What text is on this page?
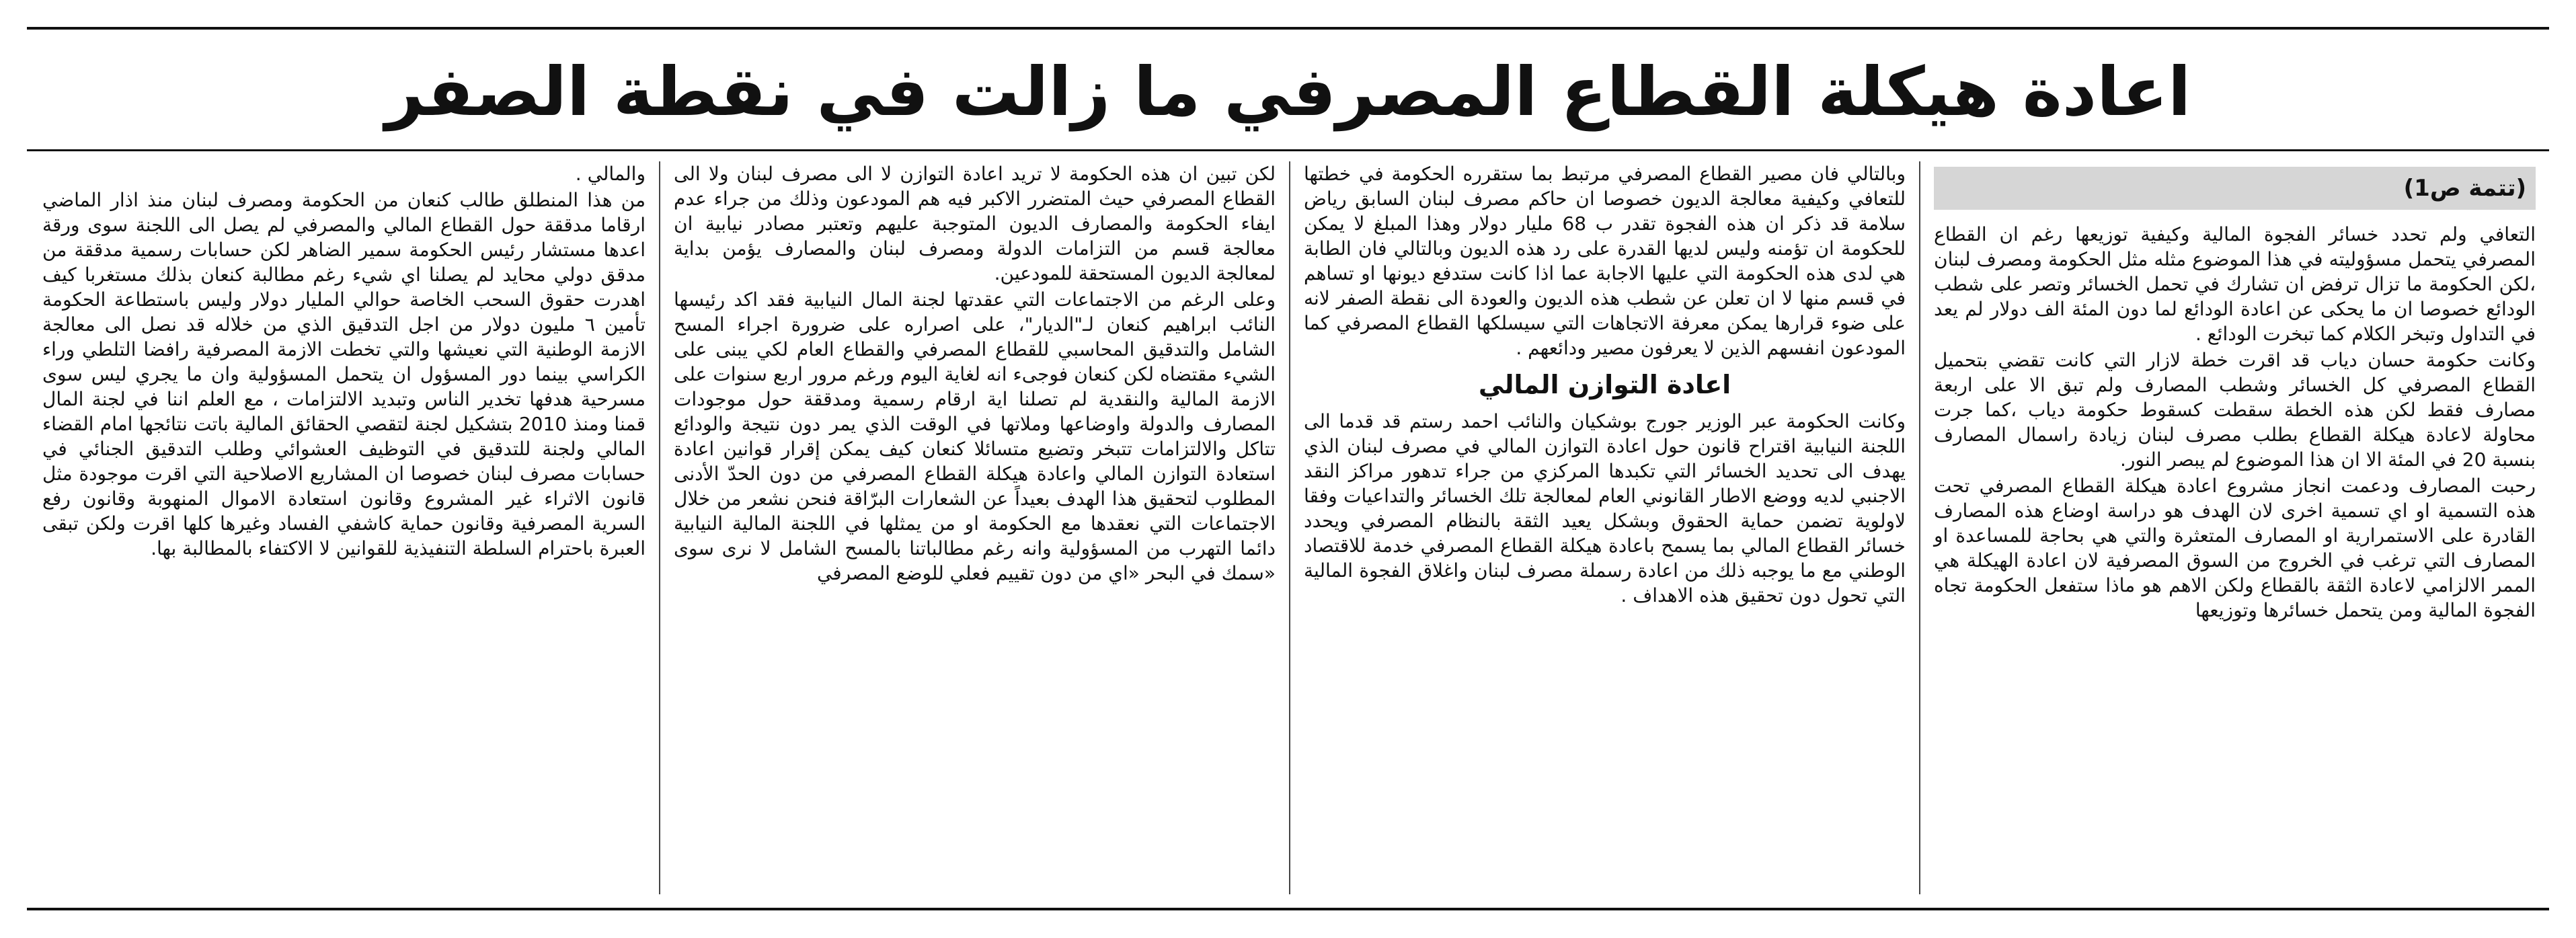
اعادة هيكلة القطاع المصرفي ما زالت في نقطة الصفر
(تتمة ص1)

التعافي ولم تحدد خسائر الفجوة المالية وكيفية توزيعها رغم ان القطاع المصرفي يتحمل مسؤوليته في هذا الموضوع مثله مثل الحكومة ومصرف لبنان ،لكن الحكومة ما تزال ترفض ان تشارك في تحمل الخسائر وتصر على شطب الودائع خصوصا ان ما يحكى عن اعادة الودائع لما دون المئة الف دولار لم يعد في التداول وتبخر الكلام كما تبخرت الودائع .

وكانت حكومة حسان دياب قد اقرت خطة لازار التي كانت تقضي بتحميل القطاع المصرفي كل الخسائر وشطب المصارف ولم تبق الا على اربعة مصارف فقط لكن هذه الخطة سقطت كسقوط حكومة دياب ،كما جرت محاولة لاعادة هيكلة القطاع بطلب مصرف لبنان زيادة راسمال المصارف بنسبة 20 في المئة الا ان هذا الموضوع لم يبصر النور.

رحبت المصارف ودعمت انجاز مشروع اعادة هيكلة القطاع المصرفي تحت هذه التسمية او اي تسمية اخرى لان الهدف هو دراسة اوضاع هذه المصارف القادرة على الاستمرارية او المصارف المتعثرة والتي هي بحاجة للمساعدة او المصارف التي ترغب في الخروج من السوق المصرفية لان اعادة الهيكلة هي الممر الالزامي لاعادة الثقة بالقطاع ولكن الاهم هو ماذا ستفعل الحكومة تجاه الفجوة المالية ومن يتحمل خسائرها وتوزيعها

وبالتالي فان مصير القطاع المصرفي مرتبط بما ستقرره الحكومة في خطتها للتعافي وكيفية معالجة الديون خصوصا ان حاكم مصرف لبنان السابق رياض سلامة قد ذكر ان هذه الفجوة تقدر ب 68 مليار دولار وهذا المبلغ لا يمكن للحكومة ان تؤمنه وليس لديها القدرة على رد هذه الديون وبالتالي فان الطابة هي لدى هذه الحكومة التي عليها الاجابة عما اذا كانت ستدفع ديونها او تساهم في قسم منها لا ان تعلن عن شطب هذه الديون والعودة الى نقطة الصفر لانه على ضوء قرارها يمكن معرفة الاتجاهات التي سيسلكها القطاع المصرفي كما المودعون انفسهم الذين لا يعرفون مصير ودائعهم .

اعادة التوازن المالي

وكانت الحكومة عبر الوزير جورج بوشكيان والنائب احمد رستم قد قدما الى اللجنة النيابية اقتراح قانون حول اعادة التوازن المالي في مصرف لبنان الذي يهدف الى تحديد الخسائر التي تكبدها المركزي من جراء تدهور مراكز النقد الاجنبي لديه ووضع الاطار القانوني العام لمعالجة تلك الخسائر والتداعيات وفقا لاولوية تضمن حماية الحقوق وبشكل يعيد الثقة بالنظام المصرفي ويحدد خسائر القطاع المالي بما يسمح باعادة هيكلة القطاع المصرفي خدمة للاقتصاد الوطني مع ما يوجبه ذلك من اعادة رسملة مصرف لبنان واغلاق الفجوة المالية التي تحول دون تحقيق هذه الاهداف .

لكن تبين ان هذه الحكومة لا تريد اعادة التوازن لا الى مصرف لبنان ولا الى القطاع المصرفي حيث المتضرر الاكبر فيه هم المودعون وذلك من جراء عدم ايفاء الحكومة والمصارف الديون المتوجبة عليهم وتعتبر مصادر نيابية ان معالجة قسم من التزامات الدولة ومصرف لبنان والمصارف يؤمن بداية لمعالجة الديون المستحقة للمودعين.

وعلى الرغم من الاجتماعات التي عقدتها لجنة المال النيابية فقد اكد رئيسها النائب ابراهيم كنعان لـ"الديار"، على اصراره على ضرورة اجراء المسح الشامل والتدقيق المحاسبي للقطاع المصرفي والقطاع العام لكي يبنى على الشيء مقتضاه لكن كنعان فوجىء انه لغاية اليوم ورغم مرور اربع سنوات على الازمة المالية والنقدية لم تصلنا اية ارقام رسمية ومدققة حول موجودات المصارف والدولة واوضاعها وملاتها في الوقت الذي يمر دون نتيجة والودائع تتاكل والالتزامات تتبخر وتضيع متسائلا كنعان كيف يمكن إقرار قوانين اعادة استعادة التوازن المالي واعادة هيكلة القطاع المصرفي من دون الحدّ الأدنى المطلوب لتحقيق هذا الهدف بعيداً عن الشعارات البرّاقة فنحن نشعر من خلال الاجتماعات التي نعقدها مع الحكومة او من يمثلها في اللجنة المالية النيابية دائما التهرب من المسؤولية وانه رغم مطالباتنا بالمسح الشامل لا نرى سوى «سمك في البحر «اي من دون تقييم فعلي للوضع المصرفي

والمالي .

من هذا المنطلق طالب كنعان من الحكومة ومصرف لبنان منذ اذار الماضي ارقاما مدققة حول القطاع المالي والمصرفي لم يصل الى اللجنة سوى ورقة اعدها مستشار رئيس الحكومة سمير الضاهر لكن حسابات رسمية مدققة من مدقق دولي محايد لم يصلنا اي شيء رغم مطالبة كنعان بذلك مستغربا كيف اهدرت حقوق السحب الخاصة حوالي المليار دولار وليس باستطاعة الحكومة تأمين ٦ مليون دولار من اجل التدقيق الذي من خلاله قد نصل الى معالجة الازمة الوطنية التي نعيشها والتي تخطت الازمة المصرفية رافضا التلطي وراء الكراسي بينما دور المسؤول ان يتحمل المسؤولية وان ما يجري ليس سوى مسرحية هدفها تخدير الناس وتبديد الالتزامات ، مع العلم اننا في لجنة المال قمنا ومنذ 2010 بتشكيل لجنة لتقصي الحقائق المالية باتت نتائجها امام القضاء المالي ولجنة للتدقيق في التوظيف العشوائي وطلب التدقيق الجنائي في حسابات مصرف لبنان خصوصا ان المشاريع الاصلاحية التي اقرت موجودة مثل قانون الاثراء غير المشروع وقانون استعادة الاموال المنهوبة وقانون رفع السرية المصرفية وقانون حماية كاشفي الفساد وغيرها كلها اقرت ولكن تبقى العبرة باحترام السلطة التنفيذية للقوانين لا الاكتفاء بالمطالبة بها.
